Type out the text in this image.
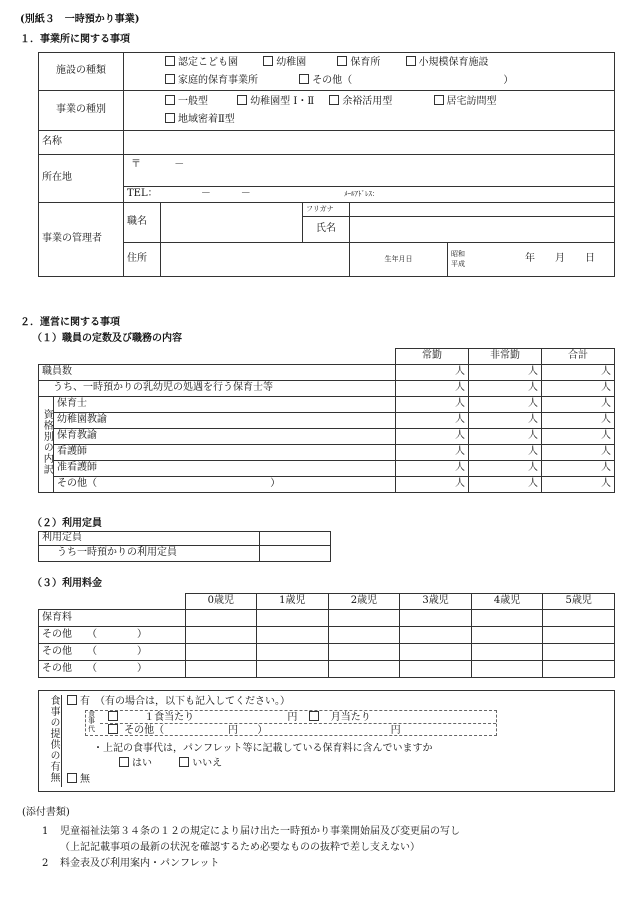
(別紙３　一時預かり事業)
１．事業所に関する事項
施設の種類	認定こども園 幼稚園 保育所 小規模保育施設
家庭的保育事業所 その他（ ）				

事業の種別	一般型 幼稚園型 Ⅰ・Ⅱ 余裕活用型 居宅訪問型
地域密着Ⅱ型				

名称					
所在地	〒 －				
	TEL： －　　　－ ﾒｰﾙｱﾄﾞﾚｽ：				
事業の管理者	職名		フリガナ		
			氏名		
	住所			生年月日	昭和
平成 年 月 日
２．運営に関する事項
（１）職員の定数及び職務の内容
		常勤	非常勤	合計
職員数		人	人	人
うち、一時預かりの乳幼児の処遇を行う保育士等		人	人	人
資格別の内訳	保育士	人	人	人
	幼稚園教諭	人	人	人
	保育教諭	人	人	人
	看護師	人	人	人
	准看護師	人	人	人
	その他（ ）	人	人	人
（２）利用定員
利用定員	
うち一時預かりの利用定員	
（３）利用料金
	0歳児	1歳児	2歳児	3歳児	4歳児	5歳児
保育料						
その他　　（　　　　）						
その他　　（　　　　）						
その他　　（　　　　）						
食事の提供の有無	有　（有の場合は，以下も記入してください。）
食事代
１食当たり	円	月当たり 円
その他（	）	円
・上記の食事代は，パンフレット等に記載している保育料に含んでいますか
はい	いいえ
無
(添付書類)
1 児童福祉法第３４条の１２の規定により届け出た一時預かり事業開始届及び変更届の写し
（上記記載事項の最新の状況を確認するため必要なものの抜粋で差し支えない）
2 料金表及び利用案内・パンフレット
